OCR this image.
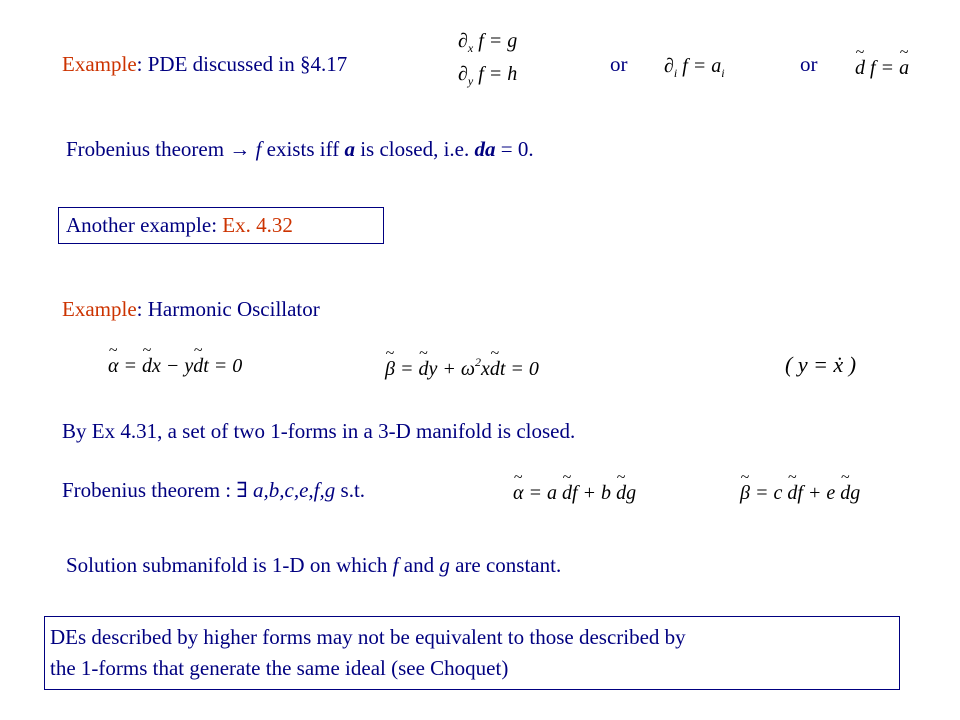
Example: PDE discussed in §4.17
$\partial_x$ f = g
$\partial_y$ f = h	or $\partial_i$ $f = a_i$	or ~ d f = ~ a
Frobenius theorem → f exists iff a is closed, i.e. da = 0.
Another example: Ex. 4.32
Example: Harmonic Oscillator
~ α = ~ dx − y~ dt = 0	~ β = ~ dy + $\omega^2x\sim$ dt = 0	( y = ẋ )
By Ex 4.31, a set of two 1-forms in a 3-D manifold is closed.
Frobenius theorem : ∃ a,b,c,e,f,g s.t.	~ α = a ~ df + b ~ dg	~ β = c ~ df + e ~ dg
Solution submanifold is 1-D on which f and g are constant.
DEs described by higher forms may not be equivalent to those described by
the 1-forms that generate the same ideal (see Choquet)
